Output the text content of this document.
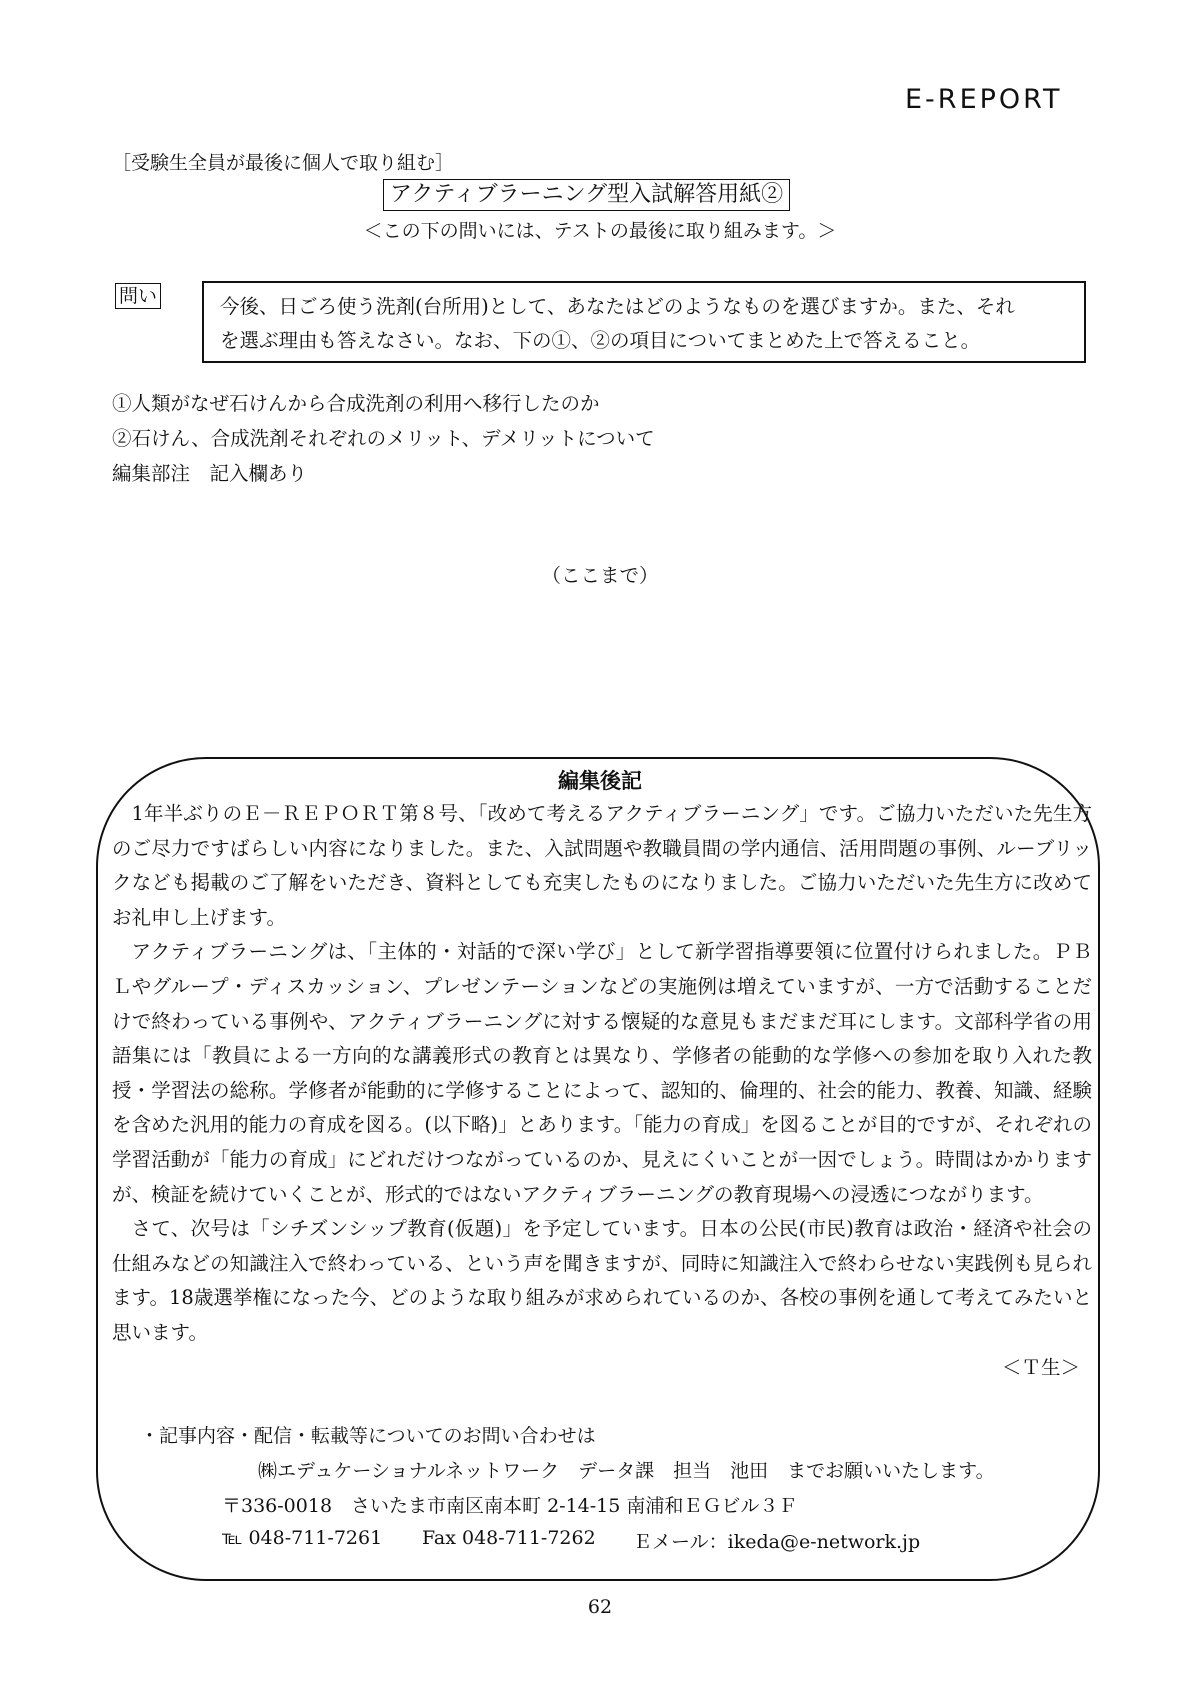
E-REPORT
［受験生全員が最後に個人で取り組む］
アクティブラーニング型入試解答用紙②
＜この下の問いには、テストの最後に取り組みます。＞
問い	今後、日ごろ使う洗剤(台所用)として、あなたはどのようなものを選びますか。また、それ
を選ぶ理由も答えなさい。なお、下の①、②の項目についてまとめた上で答えること。
①人類がなぜ石けんから合成洗剤の利用へ移行したのか
②石けん、合成洗剤それぞれのメリット、デメリットについて
編集部注　記入欄あり
（ここまで）
編集後記

1年半ぶりのＥ－ＲＥＰＯＲＴ第８号、「改めて考えるアクティブラーニング」です。ご協力いただいた先生方のご尽力ですばらしい内容になりました。また、入試問題や教職員間の学内通信、活用問題の事例、ルーブリックなども掲載のご了解をいただき、資料としても充実したものになりました。ご協力いただいた先生方に改めてお礼申し上げます。

アクティブラーニングは、「主体的・対話的で深い学び」として新学習指導要領に位置付けられました。ＰＢＬやグループ・ディスカッション、プレゼンテーションなどの実施例は増えていますが、一方で活動することだけで終わっている事例や、アクティブラーニングに対する懐疑的な意見もまだまだ耳にします。文部科学省の用語集には「教員による一方向的な講義形式の教育とは異なり、学修者の能動的な学修への参加を取り入れた教授・学習法の総称。学修者が能動的に学修することによって、認知的、倫理的、社会的能力、教養、知識、経験を含めた汎用的能力の育成を図る。(以下略)」とあります。「能力の育成」を図ることが目的ですが、それぞれの学習活動が「能力の育成」にどれだけつながっているのか、見えにくいことが一因でしょう。時間はかかりますが、検証を続けていくことが、形式的ではないアクティブラーニングの教育現場への浸透につながります。

さて、次号は「シチズンシップ教育(仮題)」を予定しています。日本の公民(市民)教育は政治・経済や社会の仕組みなどの知識注入で終わっている、という声を聞きますが、同時に知識注入で終わらせない実践例も見られます。18歳選挙権になった今、どのような取り組みが求められているのか、各校の事例を通して考えてみたいと思います。

＜Ｔ生＞
・記事内容・配信・転載等についてのお問い合わせは
㈱エデュケーショナルネットワーク　データ課　担当　池田　までお願いいたします。
〒336-0018　さいたま市南区南本町 2-14-15 南浦和ＥＧビル３Ｆ
℡ 048-711-7261 Fax 048-711-7262 Ｅメール：ikeda@e-network.jp
62
